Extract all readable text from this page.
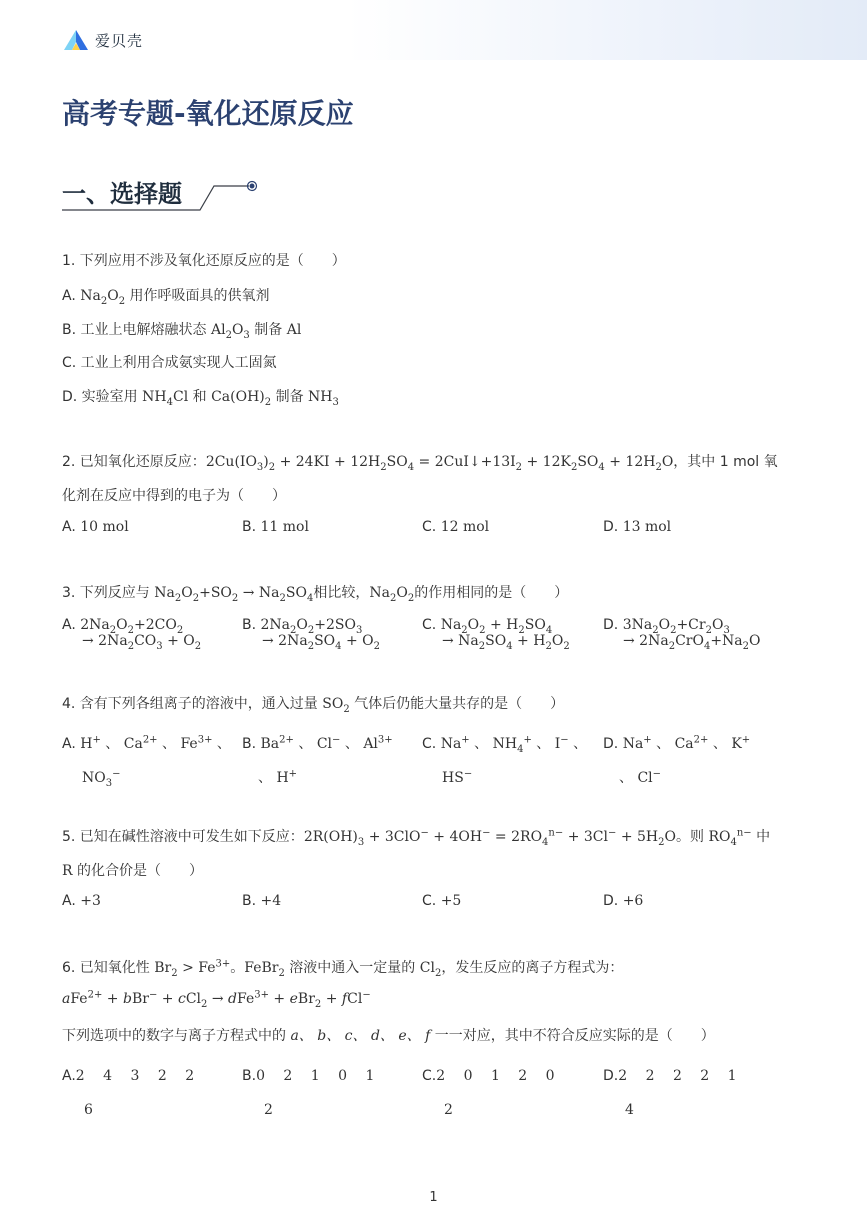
爱贝壳
高考专题-氧化还原反应
一、选择题
1. 下列应用不涉及氧化还原反应的是（　　）
A. $Na_2O_2$ 用作呼吸面具的供氧剂
B. 工业上电解熔融状态 $Al_2O_3$ 制备 Al
C. 工业上利用合成氨实现人工固氮
D. 实验室用 $NH_4Cl$ 和 $Ca(OH)_2$ 制备 $NH_3$
2. 已知氧化还原反应：$2Cu(IO_3)_2 + 24KI + 12H_2SO_4$ = $2CuI↓+13I_2 + 12K_2SO_4 + 12H_2O$，其中 1 mol 氧
化剂在反应中得到的电子为（　　）
A. 10 mol	B. 11 mol	C. 12 mol	D. 13 mol
3. 下列反应与 $Na_2O_2+SO_2 \to Na_2SO_4$相比较，$Na_2O_2$的作用相同的是（　　）
A. $2Na_2O_2+2CO_2$
→ $2Na_2CO_3 + O_2$
B. $2Na_2O_2+2SO_3$
→ $2Na_2SO_4 + O_2$
C. $Na_2O_2 + H_2SO_4$
→ $Na_2SO_4 + H_2O_2$
D. $3Na_2O_2+Cr_2O_3$
→ $2Na_2CrO_4+Na_2O$
4. 含有下列各组离子的溶液中，通入过量 $SO_2$ 气体后仍能大量共存的是（　　）
A. H+ 、 $Ca^{2+}$ 、 $Fe^{3+}$ 、
$NO_3^-$
B. $Ba^{2+}$ 、 Cl− 、 $Al^{3+}$
、 H+
C. Na+ 、 $NH_4^+$ 、 I− 、
HS−
D. Na+ 、 $Ca^{2+}$ 、 K+
、 Cl−
5. 已知在碱性溶液中可发生如下反应：$2R(OH)_3 + 3ClO^- + 4OH^- = 2RO_4^{n-} + 3Cl^- + 5H_2O$。则 $RO_4^{n-}$ 中
R 的化合价是（　　）
A. +3	B. +4	C. +5	D. +6
6. 已知氧化性 $Br_2 > Fe^{3+}$。FeBr$_2$ 溶液中通入一定量的 $Cl_2$，发生反应的离子方程式为：
aFe$^{2+}$ + bBr− + cCl$_2$ → dFe$^{3+}$ + eBr$_2$ + fCl−
下列选项中的数字与离子方程式中的 a、 b、 c、 d、 e、 f 一一对应，其中不符合反应实际的是（　　）
A.2　 4　 3　 2　 2
6
B.0　 2　 1　 0　 1
2
C.2　 0　 1　 2　 0
2
D.2　 2　 2　 2　 1
4
1
